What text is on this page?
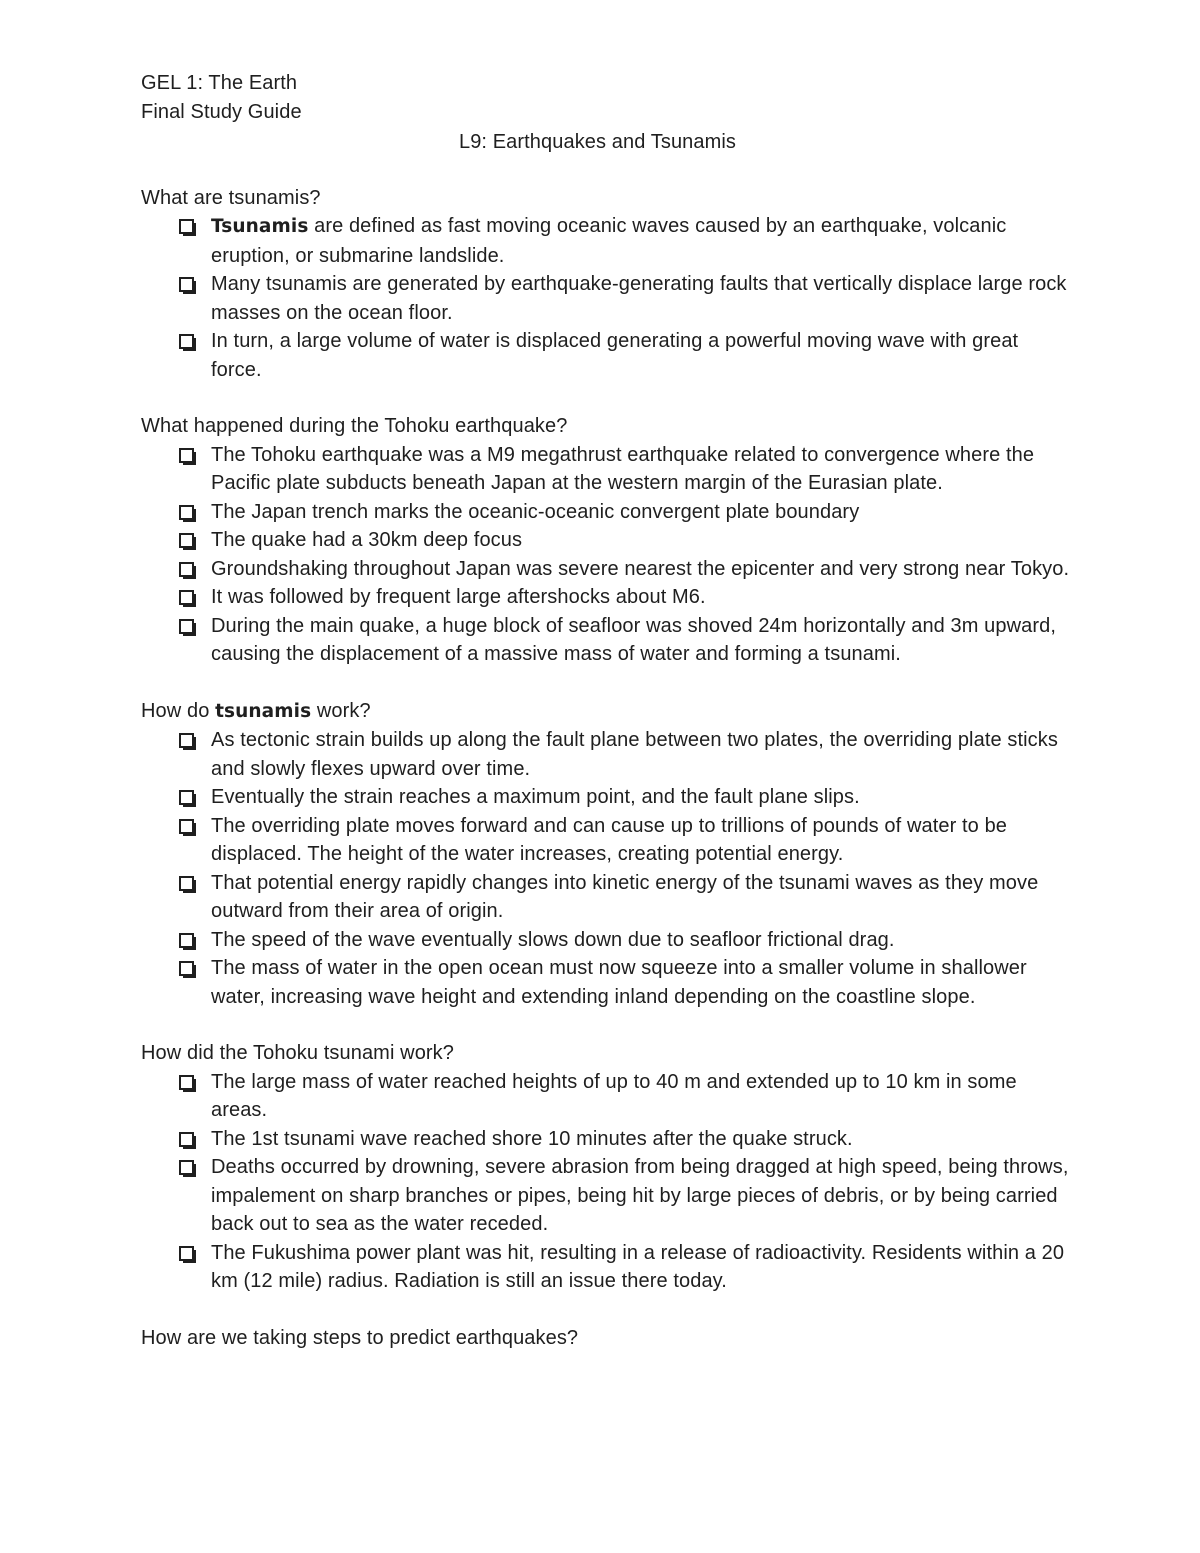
GEL 1: The Earth
Final Study Guide
L9: Earthquakes and Tsunamis
What are tsunamis?
Tsunamis are defined as fast moving oceanic waves caused by an earthquake, volcanic eruption, or submarine landslide.
Many tsunamis are generated by earthquake-generating faults that vertically displace large rock masses on the ocean floor.
In turn, a large volume of water is displaced generating a powerful moving wave with great force.
What happened during the Tohoku earthquake?
The Tohoku earthquake was a M9 megathrust earthquake related to convergence where the Pacific plate subducts beneath Japan at the western margin of the Eurasian plate.
The Japan trench marks the oceanic-oceanic convergent plate boundary
The quake had a 30km deep focus
Groundshaking throughout Japan was severe nearest the epicenter and very strong near Tokyo.
It was followed by frequent large aftershocks about M6.
During the main quake, a huge block of seafloor was shoved 24m horizontally and 3m upward, causing the displacement of a massive mass of water and forming a tsunami.
How do tsunamis work?
As tectonic strain builds up along the fault plane between two plates, the overriding plate sticks and slowly flexes upward over time.
Eventually the strain reaches a maximum point, and the fault plane slips.
The overriding plate moves forward and can cause up to trillions of pounds of water to be displaced. The height of the water increases, creating potential energy.
That potential energy rapidly changes into kinetic energy of the tsunami waves as they move outward from their area of origin.
The speed of the wave eventually slows down due to seafloor frictional drag.
The mass of water in the open ocean must now squeeze into a smaller volume in shallower water, increasing wave height and extending inland depending on the coastline slope.
How did the Tohoku tsunami work?
The large mass of water reached heights of up to 40 m and extended up to 10 km in some areas.
The 1st tsunami wave reached shore 10 minutes after the quake struck.
Deaths occurred by drowning, severe abrasion from being dragged at high speed, being throws, impalement on sharp branches or pipes, being hit by large pieces of debris, or by being carried back out to sea as the water receded.
The Fukushima power plant was hit, resulting in a release of radioactivity. Residents within a 20 km (12 mile) radius. Radiation is still an issue there today.
How are we taking steps to predict earthquakes?
